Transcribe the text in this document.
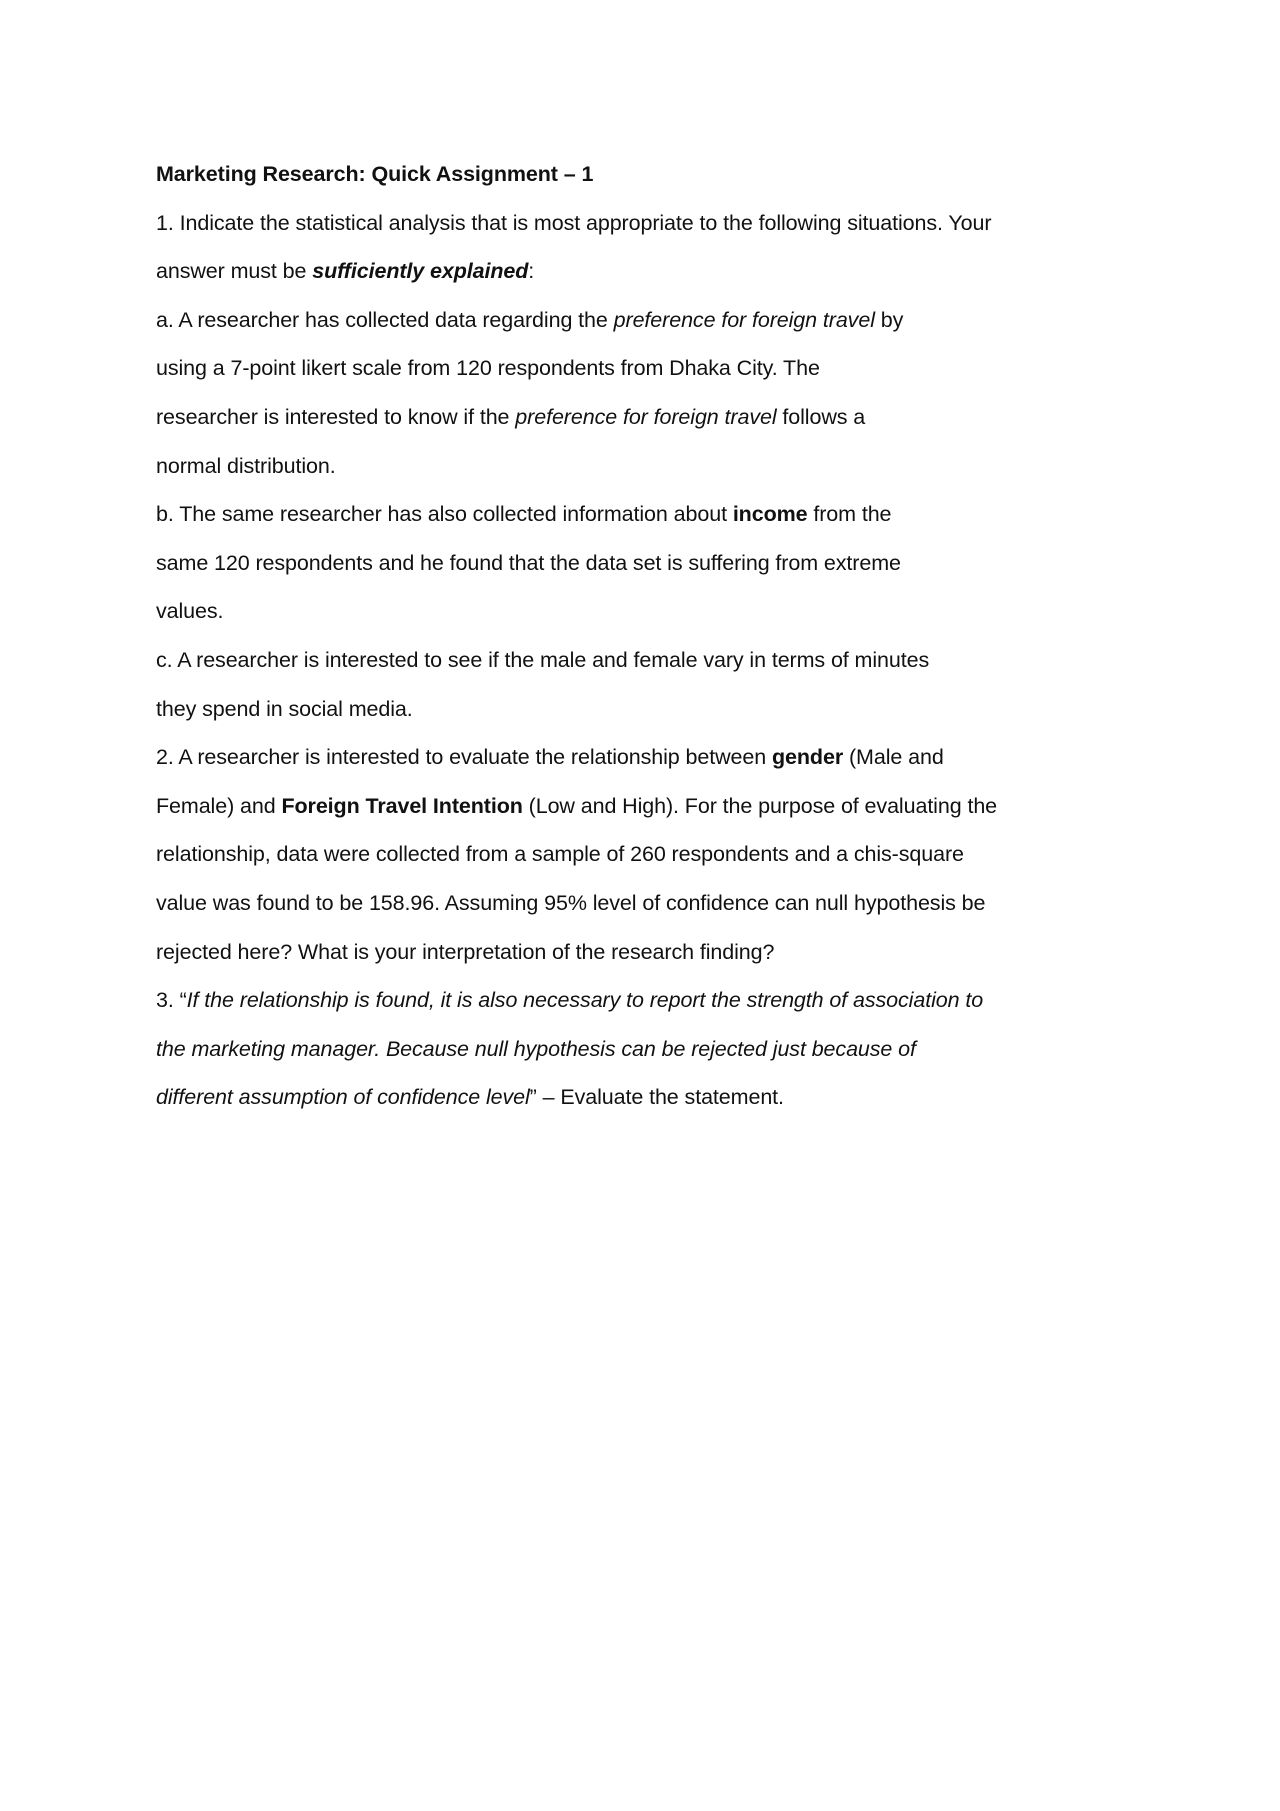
Marketing Research: Quick Assignment – 1
1. Indicate the statistical analysis that is most appropriate to the following situations. Your
answer must be sufficiently explained:
a. A researcher has collected data regarding the preference for foreign travel by
using a 7-point likert scale from 120 respondents from Dhaka City. The
researcher is interested to know if the preference for foreign travel follows a
normal distribution.
b. The same researcher has also collected information about income from the
same 120 respondents and he found that the data set is suffering from extreme
values.
c. A researcher is interested to see if the male and female vary in terms of minutes
they spend in social media.
2. A researcher is interested to evaluate the relationship between gender (Male and
Female) and Foreign Travel Intention (Low and High). For the purpose of evaluating the
relationship, data were collected from a sample of 260 respondents and a chis-square
value was found to be 158.96. Assuming 95% level of confidence can null hypothesis be
rejected here? What is your interpretation of the research finding?
3. “If the relationship is found, it is also necessary to report the strength of association to
the marketing manager. Because null hypothesis can be rejected just because of
different assumption of confidence level” – Evaluate the statement.
